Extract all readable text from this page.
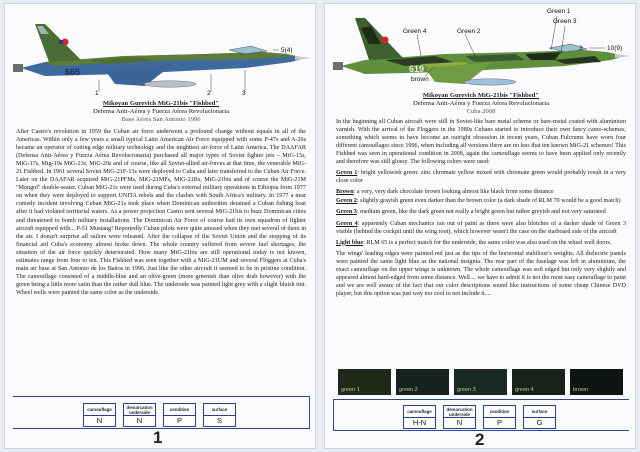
665
1	2	3
5(4)
Mikoyan Gurevich MiG-21bis "Fishbed"
Defensa Anti-Aérea y Fuerza Aérea Revolucionaria
Base Aérea San Antonio 1996
After Castro's revolution in 1959 the Cuban air force underwent a profound change without equals in all of the Americas. Within only a few years a small typical Latin American Air Force equipped with some P-47s and A-26s became an operator of cutting edge military technology and the mightiest air-force of Latin America. The DAAFAR (Defensa Anti-Aérea y Fuerza Aérea Revolucionaria) purchased all major types of Soviet fighter jets – MiG-15s, MiG-17s, Mig-19s MiG-23s, MiG-29s and of course, like all Soviet-allied air-forces at that time, the venerable MiG-21 Fishbed. In 1961 several Soviet MiG-21F-13s were deployed to Cuba and later transferred to the Cuban Air Force. Later on the DAAFAR acquired MiG-21PFMs, MiG-21MFs, MiG-21Rs, MiG-21bis and of course the MiG-21M "Mongol" double-seater. Cuban MiG-21s were used during Cuba's external military operations in Ethiopia from 1977 on when they were deployed to support UNITA rebels and the clashes with South Africa's military. In 1977 a near comedy incident involving Cuban MiG-21s took place when Dominican authorities detained a Cuban fishing boat after it had violated territorial waters. As a power projection Castro sent several MiG-21bis to buzz Dominican cities and threatened to bomb military installations. The Dominican Air Force of course had its own squadron of fighter aircraft equipped with... P-51 Mustang! Reportedly Cuban pilots were quite amused when they met several of them in the air. I doesn't surprise all sailors were released. After the collapse of the Soviet Union and the stopping of its financial aid Cuba's economy almost broke down. The whole country suffered from severe fuel shortages, the situation of the air force quickly deteriorated. How many MiG-21bis are still operational today is not known, estimates range from four to ten. This Fishbed was seen together with a MiG-21UM and several Floggers at Cuba's main air base at San Antonio de los Baños in 1996. Just like the other aircraft it seemed to be in pristine condition. The camouflage consisted of a middle-blue and an olive-green (more greenish than olive drab however) with the green being a little more satin than the rather dull blue. The underside was painted light grey with a slight bluish tint. Wheel wells were painted the same color as the underside.
camouflage
N
demarcation underside
N
condition
P
surface
S
1
619
Green 4	Green 2
Green 1
Green 3
brown
3	10(9)
Mikoyan Gurevich MiG-21bis "Fishbed"
Defensa Anti-Aérea y Fuerza Aérea Revolucionaria
Cuba 2008

In the beginning all Cuban aircraft were still in Soviet-like bare metal scheme or bare-metal coated with aluminium varnish. With the arrival of the Floggers in the 1980s Cubans started to introduce their own fancy camo-schemes, something which seems to have become an outright obsession in recent years, Cuban Fulcrums have worn four different camouflages since 1996, when including all versions there are no less that ten known MiG-21 schemes! This Fishbed was seen in operational condition in 2008, again the camouflage seems to have been applied only recently and therefore was still glossy. The following colors were used:

Green 1: bright yellowish green: zinc chromate yellow mixed with chromate green would probably result in a very close color

Brown: a very, very dark chocolate brown looking almost like black from some distance

Green 2: slightly grayish green even darker than the brown color (a dark shade of RLM 70 would be a good match)

Green 3: medium green, like the dark green not really a bright green but rather greyish and not very saturated

Green 4: apparently Cuban mechanics ran out of paint as there were also blotches of a darker shade of Green 3 visible (behind the cockpit until the wing root), which however wasn't the case on the starboard side of the aircraft

Light blue: RLM 65 is a perfect match for the underside, the same color was also used on the wheel well doors.

The wings' leading edges were painted red just as the tips of the horizontal stabilizer's weights. All dielectric panels were painted the same light blue as the national insignia. The rear part of the fuselage was left in aluminium, the exact camouflage on the upper wings is unknown. The whole camouflage was soft edged but only very slightly and appeared almost hard-edged from some distance. Well.... we have to admit it is not the most easy camouflage to paint and we are well aware of the fact that our color descriptions sound like instructions of some cheap Chinese DVD player, but this option was just way too cool to not include it....

green 1	green 2	green 3	green 4	brown
camouflage
H-N
demarcation underside
N
condition
P
surface
G
2
